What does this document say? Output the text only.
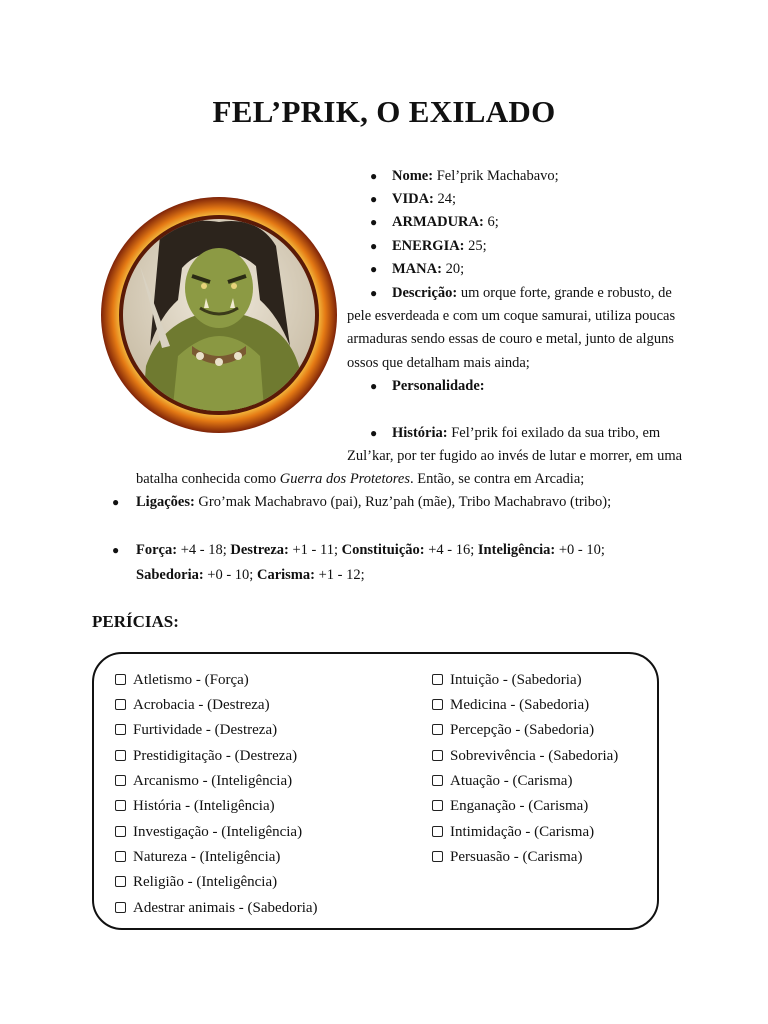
FEL’PRIK, O EXILADO
● Nome: Fel’prik Machabavo;
● VIDA: 24;
● ARMADURA: 6;
● ENERGIA: 25;
● MANA: 20;
● Descrição: um orque forte, grande e robusto, de
pele esverdeada e com um coque samurai, utiliza poucas
armaduras sendo essas de couro e metal, junto de alguns
ossos que detalham mais ainda;
● Personalidade:
● História: Fel’prik foi exilado da sua tribo, em
Zul’kar, por ter fugido ao invés de lutar e morrer, em uma
batalha conhecida como Guerra dos Protetores. Então, se contra em Arcadia;
● Ligações: Gro’mak Machabravo (pai), Ruz’pah (mãe), Tribo Machabravo (tribo);
● Força: +4 - 18; Destreza: +1 - 11; Constituição: +4 - 16; Inteligência: +0 - 10;
Sabedoria: +0 - 10; Carisma: +1 - 12;
PERÍCIAS:
Atletismo - (Força)
Acrobacia - (Destreza)
Furtividade - (Destreza)
Prestidigitação - (Destreza)
Arcanismo - (Inteligência)
História - (Inteligência)
Investigação - (Inteligência)
Natureza - (Inteligência)
Religião - (Inteligência)
Adestrar animais - (Sabedoria)
Intuição - (Sabedoria)
Medicina - (Sabedoria)
Percepção - (Sabedoria)
Sobrevivência - (Sabedoria)
Atuação - (Carisma)
Enganação - (Carisma)
Intimidação - (Carisma)
Persuasão - (Carisma)
